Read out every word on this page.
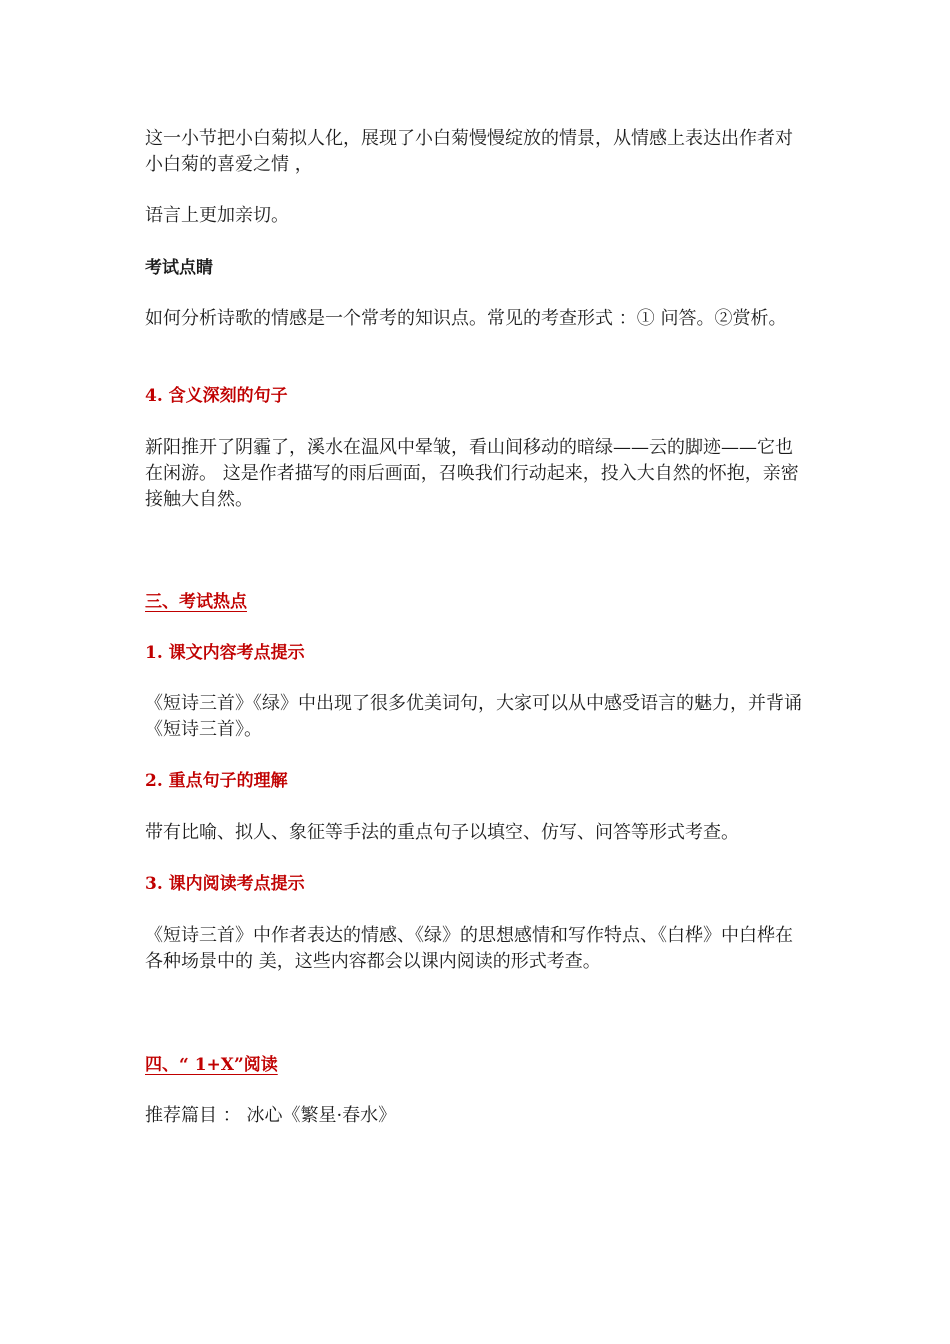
这一小节把小白菊拟人化，展现了小白菊慢慢绽放的情景，从情感上表达出作者对小白菊的喜爱之情 ，
语言上更加亲切。
考试点睛
如何分析诗歌的情感是一个常考的知识点。常见的考查形式 ：① 问答。②赏析。
4. 含义深刻的句子
新阳推开了阴霾了，溪水在温风中晕皱，看山间移动的暗绿——云的脚迹——它也在闲游。 这是作者描写的雨后画面，召唤我们行动起来，投入大自然的怀抱，亲密接触大自然。
三、考试热点
1. 课文内容考点提示
《短诗三首》《绿》中出现了很多优美词句，大家可以从中感受语言的魅力，并背诵《短诗三首》。
2. 重点句子的理解
带有比喻、拟人、象征等手法的重点句子以填空、仿写、问答等形式考查。
3. 课内阅读考点提示
《短诗三首》中作者表达的情感、《绿》的思想感情和写作特点、《白桦》中白桦在各种场景中的 美，这些内容都会以课内阅读的形式考查。
四、“ 1+X”阅读
推荐篇目 ： 冰心《繁星·春水》
